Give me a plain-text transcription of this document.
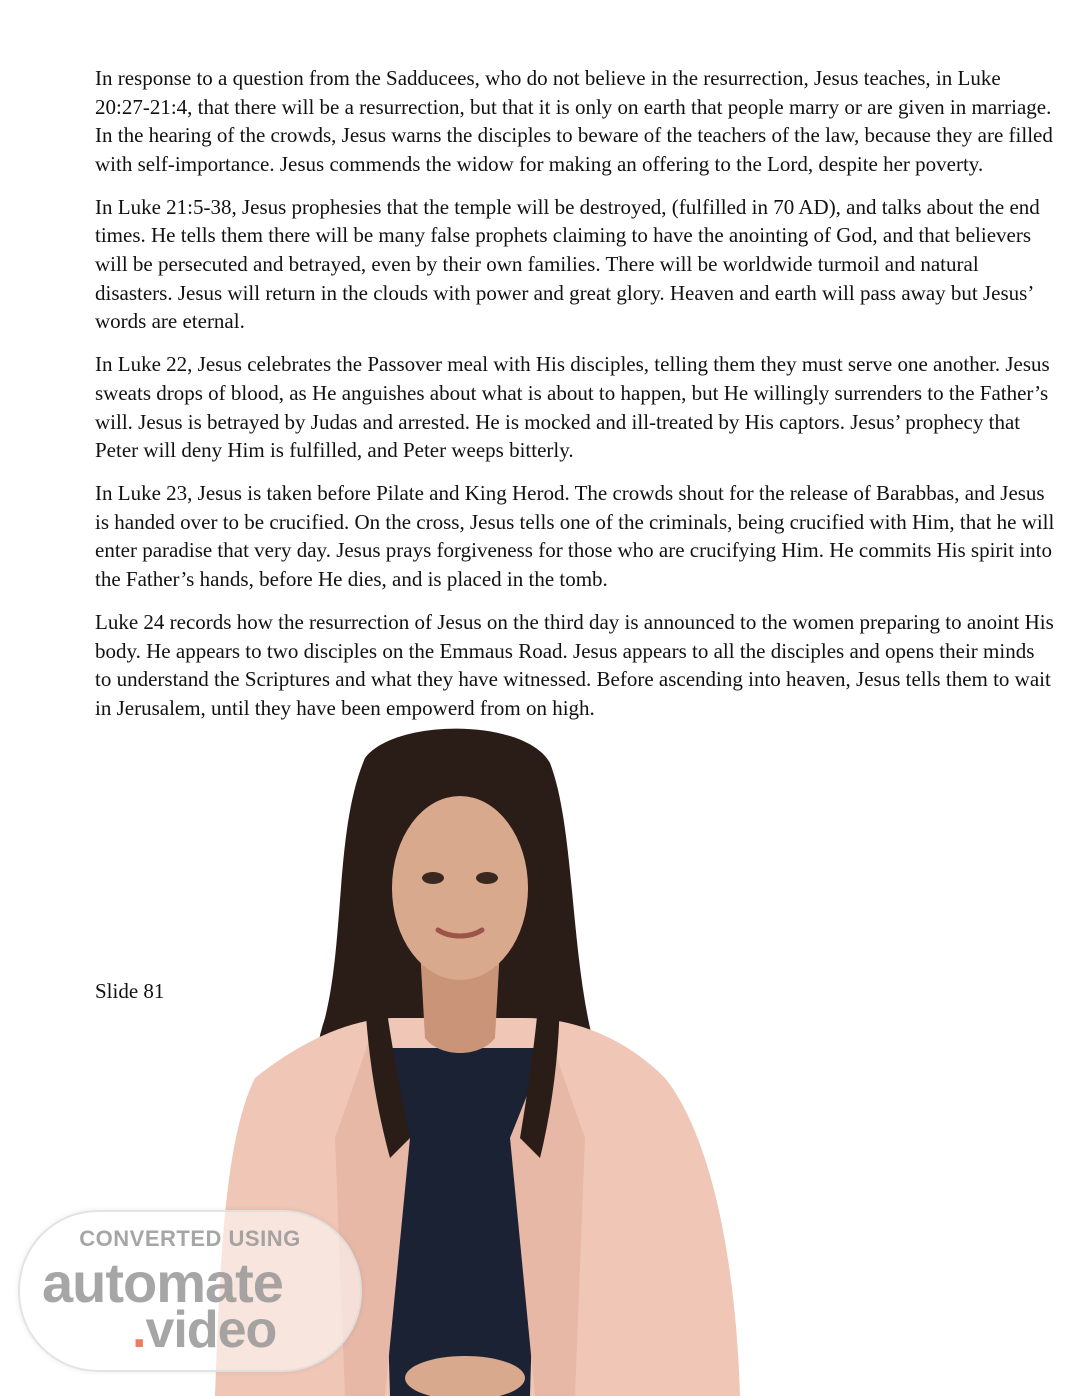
In response to a question from the Sadducees, who do not believe in the resurrection, Jesus teaches, in Luke 20:27-21:4, that there will be a resurrection, but that it is only on earth that people marry or are given in marriage. In the hearing of the crowds, Jesus warns the disciples to beware of the teachers of the law, because they are filled with self-importance. Jesus commends the widow for making an offering to the Lord, despite her poverty.

In Luke 21:5-38, Jesus prophesies that the temple will be destroyed, (fulfilled in 70 AD), and talks about the end times. He tells them there will be many false prophets claiming to have the anointing of God, and that believers will be persecuted and betrayed, even by their own families. There will be worldwide turmoil and natural disasters. Jesus will return in the clouds with power and great glory. Heaven and earth will pass away but Jesus’ words are eternal.

In Luke 22, Jesus celebrates the Passover meal with His disciples, telling them they must serve one another. Jesus sweats drops of blood, as He anguishes about what is about to happen, but He willingly surrenders to the Father’s will. Jesus is betrayed by Judas and arrested. He is mocked and ill-treated by His captors. Jesus’ prophecy that Peter will deny Him is fulfilled, and Peter weeps bitterly.

In Luke 23, Jesus is taken before Pilate and King Herod. The crowds shout for the release of Barabbas, and Jesus is handed over to be crucified. On the cross, Jesus tells one of the criminals, being crucified with Him, that he will enter paradise that very day. Jesus prays forgiveness for those who are crucifying Him. He commits His spirit into the Father’s hands, before He dies, and is placed in the tomb.

Luke 24 records how the resurrection of Jesus on the third day is announced to the women preparing to anoint His body. He appears to two disciples on the Emmaus Road. Jesus appears to all the disciples and opens their minds to understand the Scriptures and what they have witnessed. Before ascending into heaven, Jesus tells them to wait in Jerusalem, until they have been empowerd from on high.

Slide 81
CONVERTED USING
automate
.video
